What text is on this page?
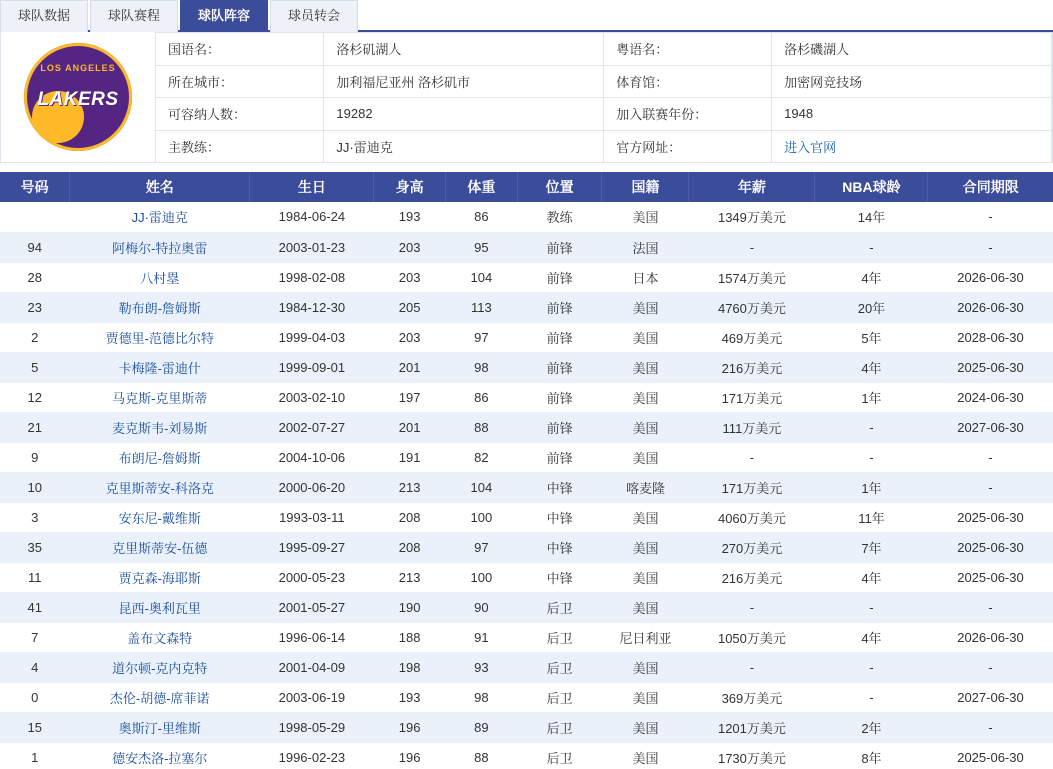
球队数据	球队赛程	球队阵容	球员转会
LOS ANGELES
LAKERS
国语名：	洛杉矶湖人	粤语名：	洛杉磯湖人
所在城市：	加利福尼亚州 洛杉矶市	体育馆：	加密网竞技场
可容纳人数：	19282	加入联赛年份：	1948
主教练：	JJ·雷迪克	官方网址：	进入官网
号码	姓名	生日	身高	体重	位置	国籍	年薪	NBA球龄	合同期限
	JJ·雷迪克	1984-06-24	193	86	教练	美国	1349万美元	14年	-
94	阿梅尔-特拉奥雷	2003-01-23	203	95	前锋	法国	-	-	-
28	八村塁	1998-02-08	203	104	前锋	日本	1574万美元	4年	2026-06-30
23	勒布朗-詹姆斯	1984-12-30	205	113	前锋	美国	4760万美元	20年	2026-06-30
2	贾德里-范德比尔特	1999-04-03	203	97	前锋	美国	469万美元	5年	2028-06-30
5	卡梅隆-雷迪什	1999-09-01	201	98	前锋	美国	216万美元	4年	2025-06-30
12	马克斯-克里斯蒂	2003-02-10	197	86	前锋	美国	171万美元	1年	2024-06-30
21	麦克斯韦-刘易斯	2002-07-27	201	88	前锋	美国	111万美元	-	2027-06-30
9	布朗尼-詹姆斯	2004-10-06	191	82	前锋	美国	-	-	-
10	克里斯蒂安-科洛克	2000-06-20	213	104	中锋	喀麦隆	171万美元	1年	-
3	安东尼-戴维斯	1993-03-11	208	100	中锋	美国	4060万美元	11年	2025-06-30
35	克里斯蒂安-伍德	1995-09-27	208	97	中锋	美国	270万美元	7年	2025-06-30
11	贾克森-海耶斯	2000-05-23	213	100	中锋	美国	216万美元	4年	2025-06-30
41	昆西-奥利瓦里	2001-05-27	190	90	后卫	美国	-	-	-
7	盖布文森特	1996-06-14	188	91	后卫	尼日利亚	1050万美元	4年	2026-06-30
4	道尔顿-克内克特	2001-04-09	198	93	后卫	美国	-	-	-
0	杰伦-胡德-席菲诺	2003-06-19	193	98	后卫	美国	369万美元	-	2027-06-30
15	奥斯汀-里维斯	1998-05-29	196	89	后卫	美国	1201万美元	2年	-
1	德安杰洛-拉塞尔	1996-02-23	196	88	后卫	美国	1730万美元	8年	2025-06-30
